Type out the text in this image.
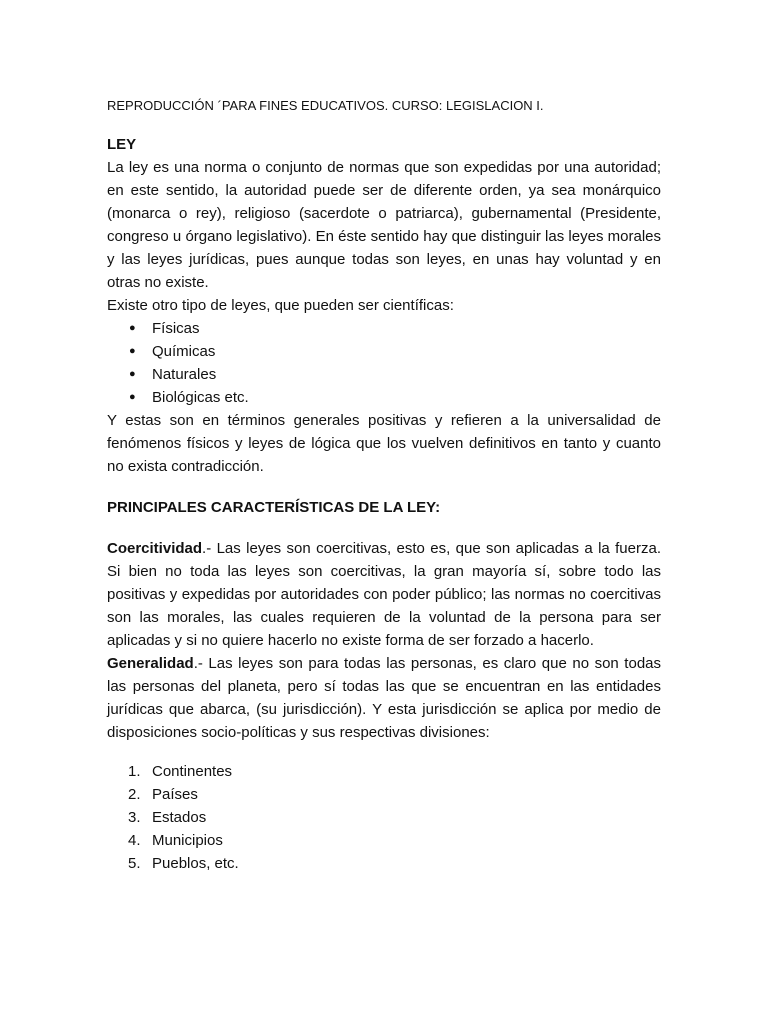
REPRODUCCIÓN ´PARA FINES EDUCATIVOS. CURSO: LEGISLACION I.

LEY

La ley es una norma o conjunto de normas que son expedidas por una autoridad; en este sentido, la autoridad puede ser de diferente orden, ya sea monárquico (monarca o rey), religioso (sacerdote o patriarca), gubernamental (Presidente, congreso u órgano legislativo). En éste sentido hay que distinguir las leyes morales y las leyes jurídicas, pues aunque todas son leyes, en unas hay voluntad y en otras no existe.

Existe otro tipo de leyes, que pueden ser científicas:

● Físicas
● Químicas
● Naturales
● Biológicas etc.

Y estas son en términos generales positivas y refieren a la universalidad de fenómenos físicos y leyes de lógica que los vuelven definitivos en tanto y cuanto no exista contradicción.

PRINCIPALES CARACTERÍSTICAS DE LA LEY:

Coercitividad.- Las leyes son coercitivas, esto es, que son aplicadas a la fuerza. Si bien no toda las leyes son coercitivas, la gran mayoría sí, sobre todo las positivas y expedidas por autoridades con poder público; las normas no coercitivas son las morales, las cuales requieren de la voluntad de la persona para ser aplicadas y si no quiere hacerlo no existe forma de ser forzado a hacerlo.

Generalidad.- Las leyes son para todas las personas, es claro que no son todas las personas del planeta, pero sí todas las que se encuentran en las entidades jurídicas que abarca, (su jurisdicción). Y esta jurisdicción se aplica por medio de disposiciones socio-políticas y sus respectivas divisiones:

1. Continentes
2. Países
3. Estados
4. Municipios
5. Pueblos, etc.
